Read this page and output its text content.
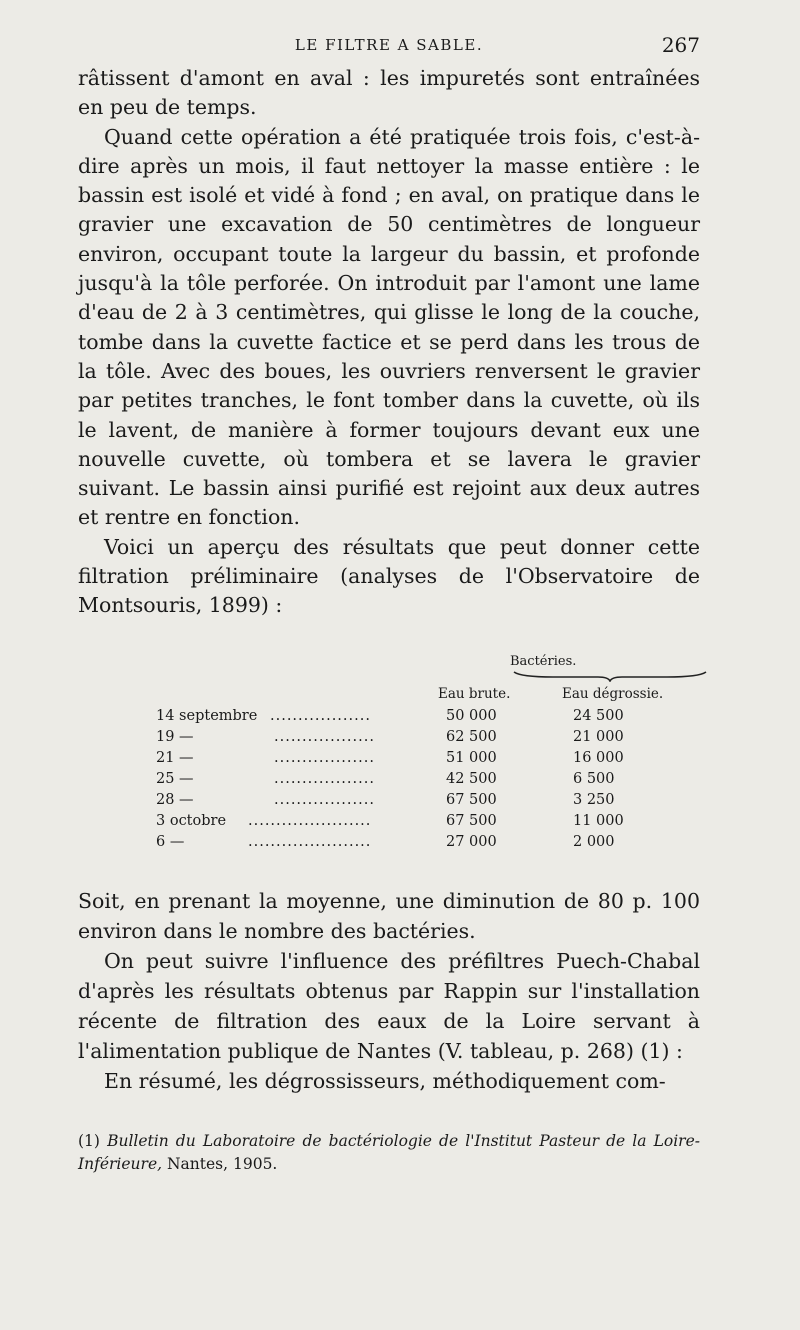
LE FILTRE A SABLE.	267

râtissent d'amont en aval : les impuretés sont entraînées en peu de temps.

Quand cette opération a été pratiquée trois fois, c'est-à-dire après un mois, il faut nettoyer la masse entière : le bassin est isolé et vidé à fond ; en aval, on pratique dans le gravier une excavation de 50 centimètres de longueur environ, occupant toute la largeur du bassin, et profonde jusqu'à la tôle perforée. On introduit par l'amont une lame d'eau de 2 à 3 centimètres, qui glisse le long de la couche, tombe dans la cuvette factice et se perd dans les trous de la tôle. Avec des boues, les ouvriers renversent le gravier par petites tranches, le font tomber dans la cuvette, où ils le lavent, de manière à former toujours devant eux une nouvelle cuvette, où tombera et se lavera le gravier suivant. Le bassin ainsi purifié est rejoint aux deux autres et rentre en fonction.

Voici un aperçu des résultats que peut donner cette filtration préliminaire (analyses de l'Observatoire de Montsouris, 1899) :

Bactéries.
Eau brute.	Eau dégrossie.
14 septembre ..................	50 000	24 500
19 —	..................	62 500	21 000
21 —	..................	51 000	16 000
25 —	..................	42 500	6 500
28 —	..................	67 500	3 250
3 octobre ......................	67 500	11 000
6 —	......................	27 000	2 000

Soit, en prenant la moyenne, une diminution de 80 p. 100 environ dans le nombre des bactéries.

On peut suivre l'influence des préfiltres Puech-Chabal d'après les résultats obtenus par Rappin sur l'installation récente de filtration des eaux de la Loire servant à l'alimentation publique de Nantes (V. tableau, p. 268) (1) :

En résumé, les dégrossisseurs, méthodiquement com-

(1) Bulletin du Laboratoire de bactériologie de l'Institut Pasteur de la Loire-Inférieure, Nantes, 1905.
